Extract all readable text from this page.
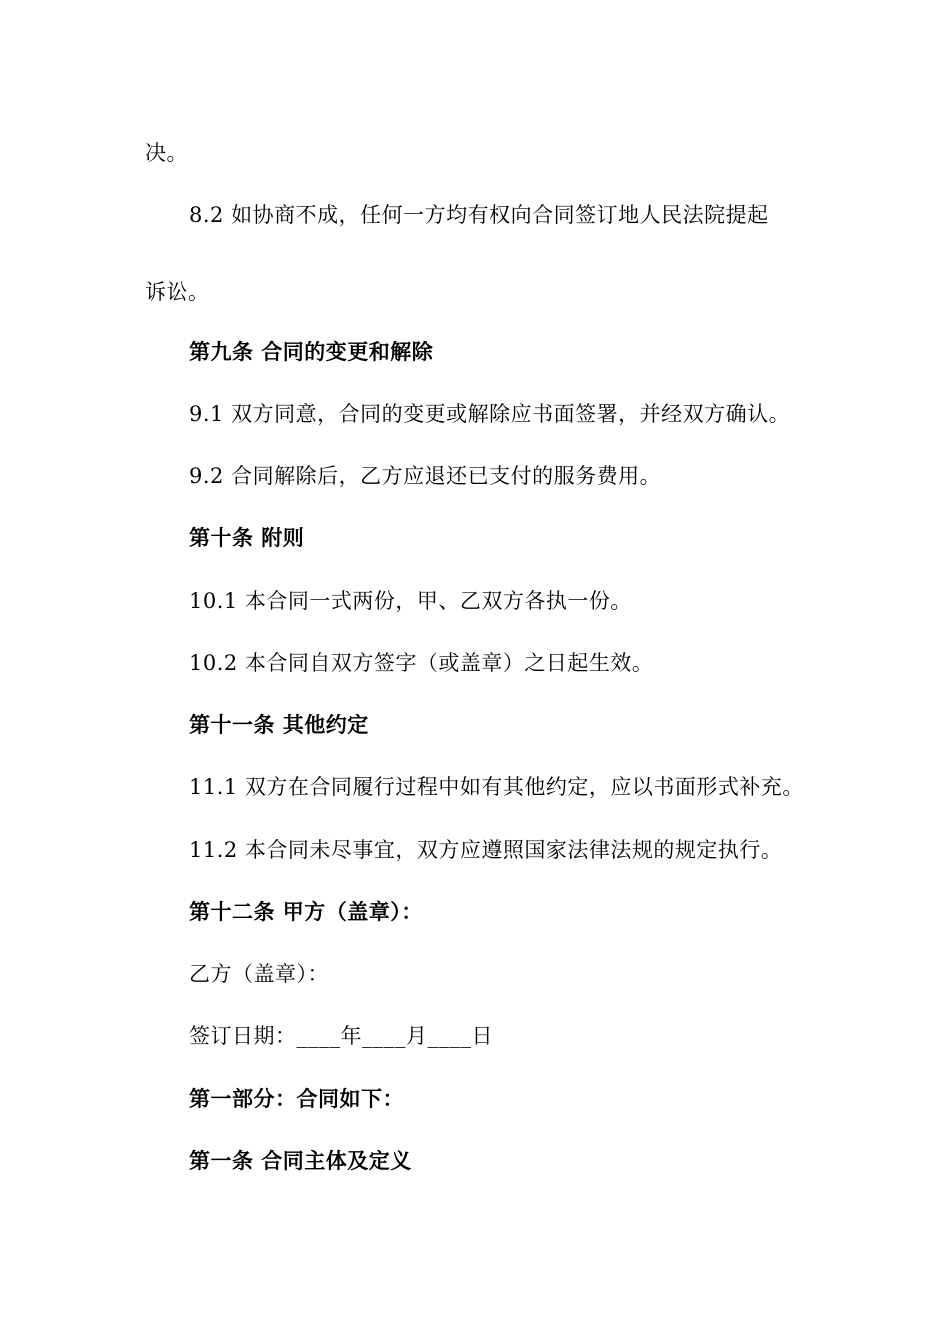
决。
8.2 如协商不成，任何一方均有权向合同签订地人民法院提起
诉讼。
第九条 合同的变更和解除
9.1 双方同意，合同的变更或解除应书面签署，并经双方确认。
9.2 合同解除后，乙方应退还已支付的服务费用。
第十条 附则
10.1 本合同一式两份，甲、乙双方各执一份。
10.2 本合同自双方签字（或盖章）之日起生效。
第十一条 其他约定
11.1 双方在合同履行过程中如有其他约定，应以书面形式补充。
11.2 本合同未尽事宜，双方应遵照国家法律法规的规定执行。
第十二条 甲方（盖章）：
乙方（盖章）：
签订日期：____年____月____日
第一部分：合同如下：
第一条 合同主体及定义
